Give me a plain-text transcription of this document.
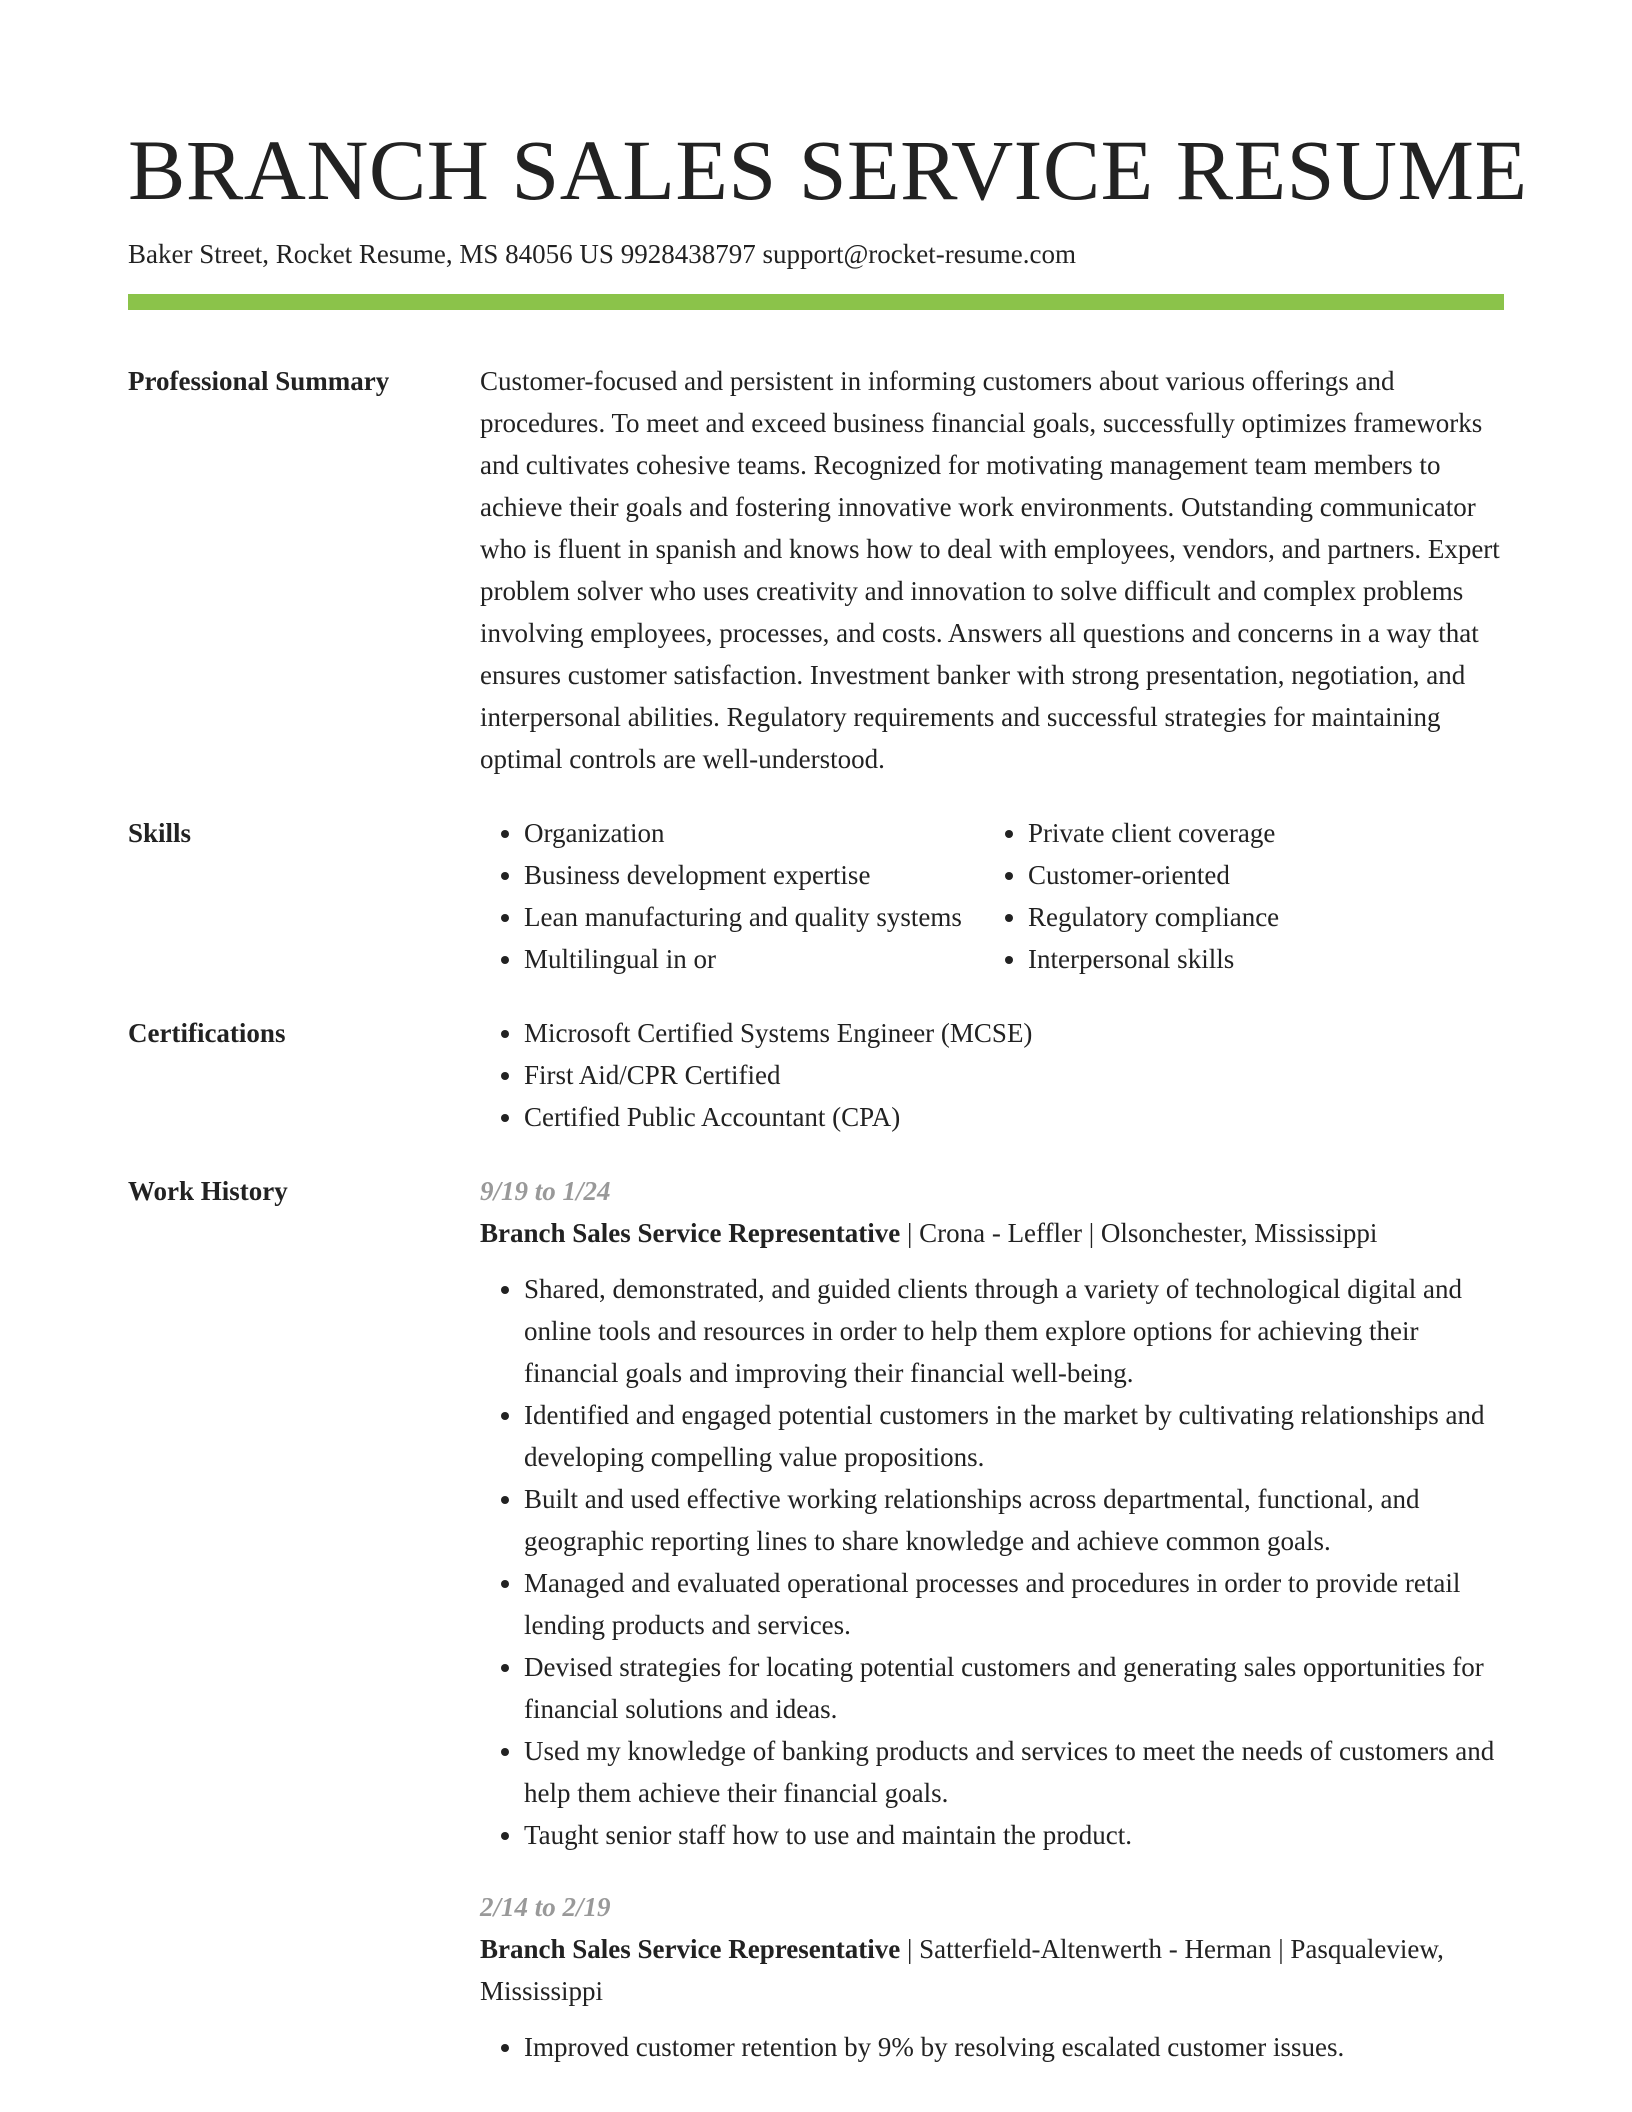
BRANCH SALES SERVICE RESUME
Baker Street, Rocket Resume, MS 84056 US 9928438797 support@rocket-resume.com
Professional Summary	Customer-focused and persistent in informing customers about various offerings and procedures. To meet and exceed business financial goals, successfully optimizes frameworks and cultivates cohesive teams. Recognized for motivating management team members to achieve their goals and fostering innovative work environments. Outstanding communicator who is fluent in spanish and knows how to deal with employees, vendors, and partners. Expert problem solver who uses creativity and innovation to solve difficult and complex problems involving employees, processes, and costs. Answers all questions and concerns in a way that ensures customer satisfaction. Investment banker with strong presentation, negotiation, and interpersonal abilities. Regulatory requirements and successful strategies for maintaining optimal controls are well-understood.

Skills	• Organization
• Business development expertise
• Lean manufacturing and quality systems
• Multilingual in or
• Private client coverage
• Customer-oriented
• Regulatory compliance
• Interpersonal skills
Certifications	• Microsoft Certified Systems Engineer (MCSE)
• First Aid/CPR Certified
• Certified Public Accountant (CPA)
Work History	9/19 to 1/24
Branch Sales Service Representative | Crona - Leffler | Olsonchester, Mississippi
• Shared, demonstrated, and guided clients through a variety of technological digital and online tools and resources in order to help them explore options for achieving their financial goals and improving their financial well-being.
• Identified and engaged potential customers in the market by cultivating relationships and developing compelling value propositions.
• Built and used effective working relationships across departmental, functional, and geographic reporting lines to share knowledge and achieve common goals.
• Managed and evaluated operational processes and procedures in order to provide retail lending products and services.
• Devised strategies for locating potential customers and generating sales opportunities for financial solutions and ideas.
• Used my knowledge of banking products and services to meet the needs of customers and help them achieve their financial goals.
• Taught senior staff how to use and maintain the product.
2/14 to 2/19
Branch Sales Service Representative | Satterfield-Altenwerth - Herman | Pasqualeview, Mississippi
• Improved customer retention by 9% by resolving escalated customer issues.
